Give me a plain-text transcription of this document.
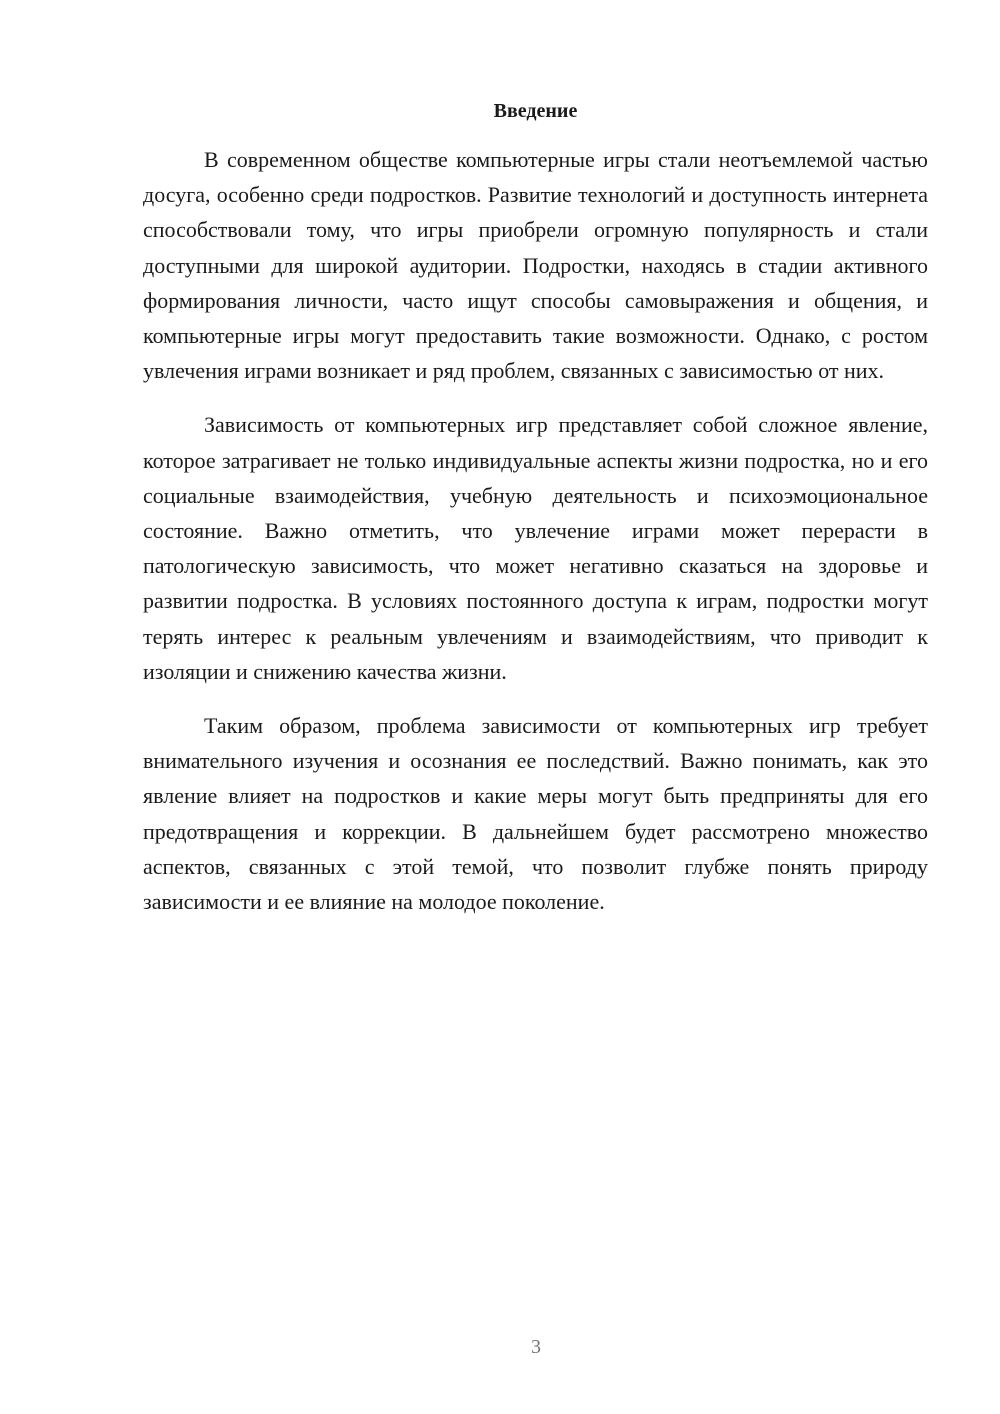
Введение

В современном обществе компьютерные игры стали неотъемлемой частью досуга, особенно среди подростков. Развитие технологий и доступность интернета способствовали тому, что игры приобрели огромную популярность и стали доступными для широкой аудитории. Подростки, находясь в стадии активного формирования личности, часто ищут способы самовыражения и общения, и компьютерные игры могут предоставить такие возможности. Однако, с ростом увлечения играми возникает и ряд проблем, связанных с зависимостью от них.

Зависимость от компьютерных игр представляет собой сложное явление, которое затрагивает не только индивидуальные аспекты жизни подростка, но и его социальные взаимодействия, учебную деятельность и психоэмоциональное состояние. Важно отметить, что увлечение играми может перерасти в патологическую зависимость, что может негативно сказаться на здоровье и развитии подростка. В условиях постоянного доступа к играм, подростки могут терять интерес к реальным увлечениям и взаимодействиям, что приводит к изоляции и снижению качества жизни.

Таким образом, проблема зависимости от компьютерных игр требует внимательного изучения и осознания ее последствий. Важно понимать, как это явление влияет на подростков и какие меры могут быть предприняты для его предотвращения и коррекции. В дальнейшем будет рассмотрено множество аспектов, связанных с этой темой, что позволит глубже понять природу зависимости и ее влияние на молодое поколение.

3
